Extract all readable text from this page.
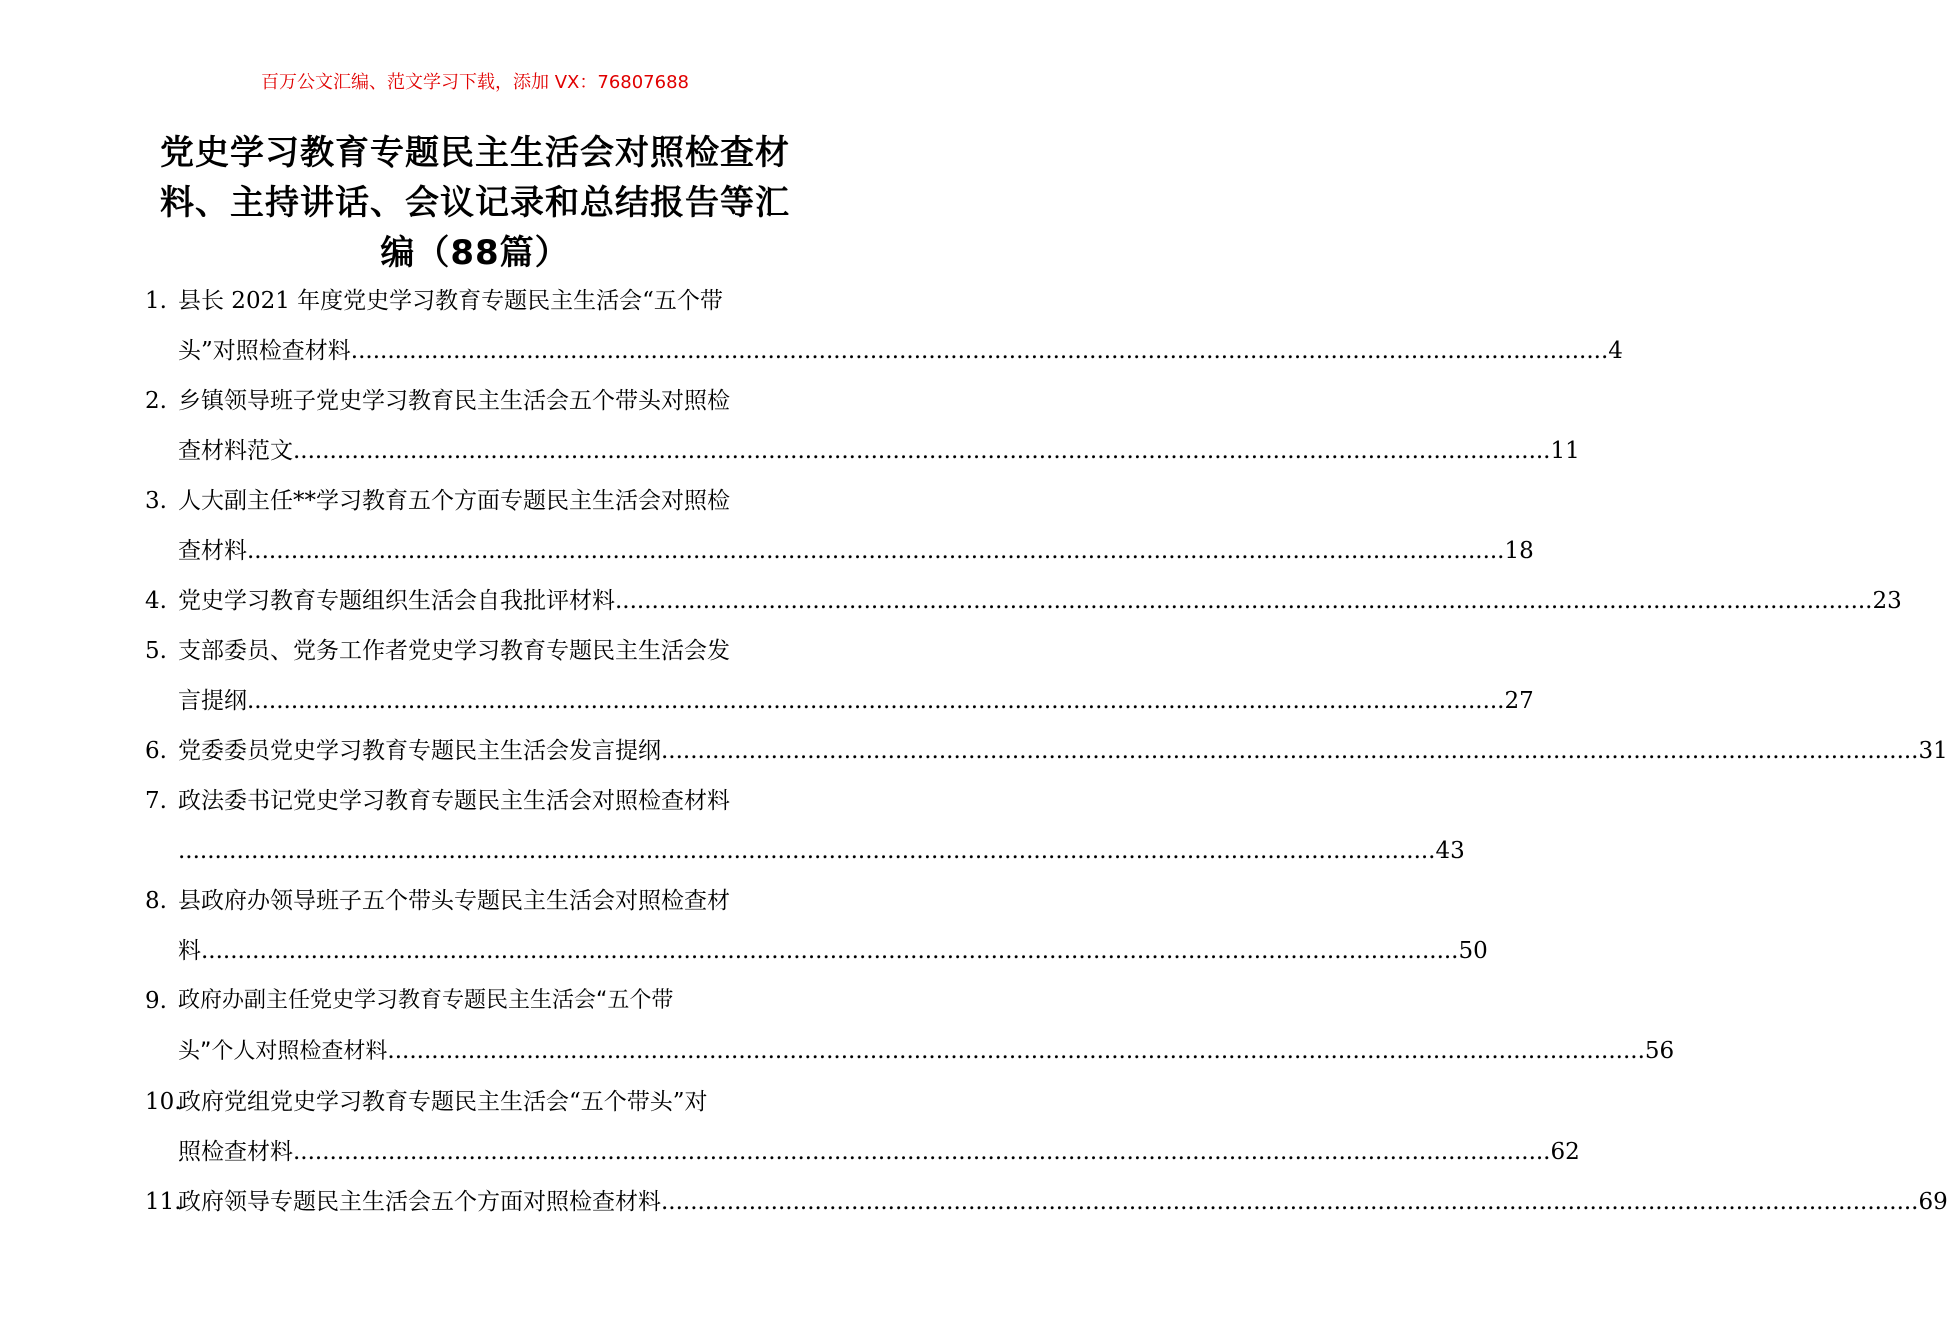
百万公文汇编、范文学习下载，添加 VX：76807688
党史学习教育专题民主生活会对照检查材料、主持讲话、会议记录和总结报告等汇编（88篇）
1. 县长 2021 年度党史学习教育专题民主生活会“五个带
头”对照检查材料 ............................................................................................................................................................................ 4
2. 乡镇领导班子党史学习教育民主生活会五个带头对照检
查材料范文 ............................................................................................................................................................................ 11
3. 人大副主任**学习教育五个方面专题民主生活会对照检
查材料 ............................................................................................................................................................................ 18
4. 党史学习教育专题组织生活会自我批评材料 ............................................................................................................................................................................ 23
5. 支部委员、党务工作者党史学习教育专题民主生活会发
言提纲 ............................................................................................................................................................................ 27
6. 党委委员党史学习教育专题民主生活会发言提纲 ............................................................................................................................................................................ 31
7. 政法委书记党史学习教育专题民主生活会对照检查材料
............................................................................................................................................................................ 43
8. 县政府办领导班子五个带头专题民主生活会对照检查材
料 ............................................................................................................................................................................ 50
9. 政府办副主任党史学习教育专题民主生活会“五个带
头”个人对照检查材料 ............................................................................................................................................................................ 56
10.
政府党组党史学习教育专题民主生活会“五个带头”对
照检查材料 ............................................................................................................................................................................ 62
11.
政府领导专题民主生活会五个方面对照检查材料 ............................................................................................................................................................................ 69
